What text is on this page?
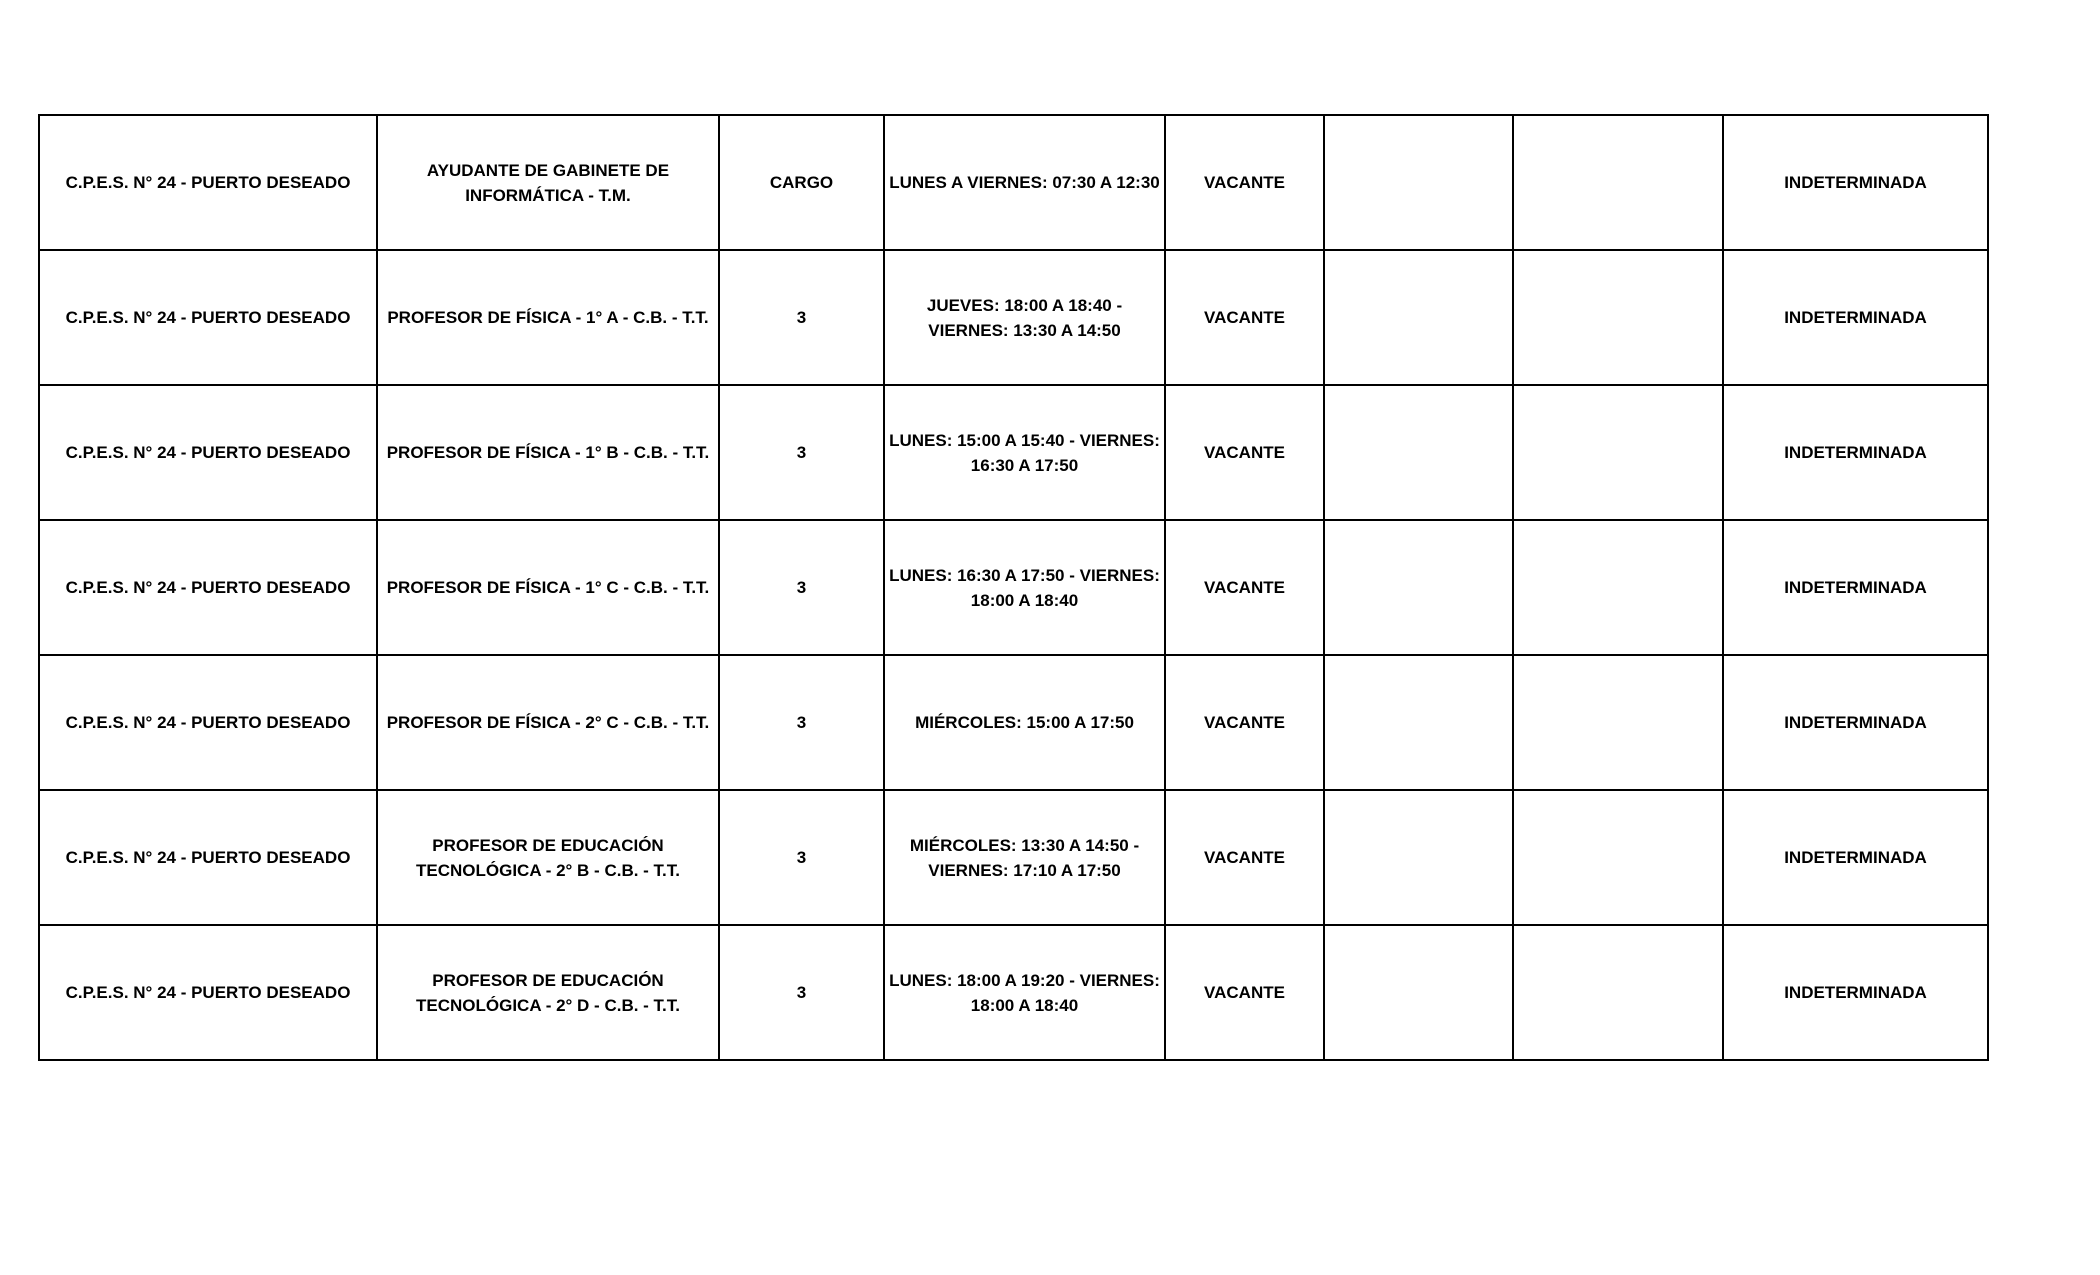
C.P.E.S. N° 24 - PUERTO DESEADO	AYUDANTE DE GABINETE DE INFORMÁTICA - T.M.	CARGO	LUNES A VIERNES: 07:30 A 12:30	VACANTE			INDETERMINADA
C.P.E.S. N° 24 - PUERTO DESEADO	PROFESOR DE FÍSICA - 1° A - C.B. - T.T.	3	JUEVES: 18:00 A 18:40 - VIERNES: 13:30 A 14:50	VACANTE			INDETERMINADA
C.P.E.S. N° 24 - PUERTO DESEADO	PROFESOR DE FÍSICA - 1° B - C.B. - T.T.	3	LUNES: 15:00 A 15:40 - VIERNES: 16:30 A 17:50	VACANTE			INDETERMINADA
C.P.E.S. N° 24 - PUERTO DESEADO	PROFESOR DE FÍSICA - 1° C - C.B. - T.T.	3	LUNES: 16:30 A 17:50 - VIERNES: 18:00 A 18:40	VACANTE			INDETERMINADA
C.P.E.S. N° 24 - PUERTO DESEADO	PROFESOR DE FÍSICA - 2° C - C.B. - T.T.	3	MIÉRCOLES: 15:00 A 17:50	VACANTE			INDETERMINADA
C.P.E.S. N° 24 - PUERTO DESEADO	PROFESOR DE EDUCACIÓN TECNOLÓGICA - 2° B - C.B. - T.T.	3	MIÉRCOLES: 13:30 A 14:50 - VIERNES: 17:10 A 17:50	VACANTE			INDETERMINADA
C.P.E.S. N° 24 - PUERTO DESEADO	PROFESOR DE EDUCACIÓN TECNOLÓGICA - 2° D - C.B. - T.T.	3	LUNES: 18:00 A 19:20 - VIERNES: 18:00 A 18:40	VACANTE			INDETERMINADA
